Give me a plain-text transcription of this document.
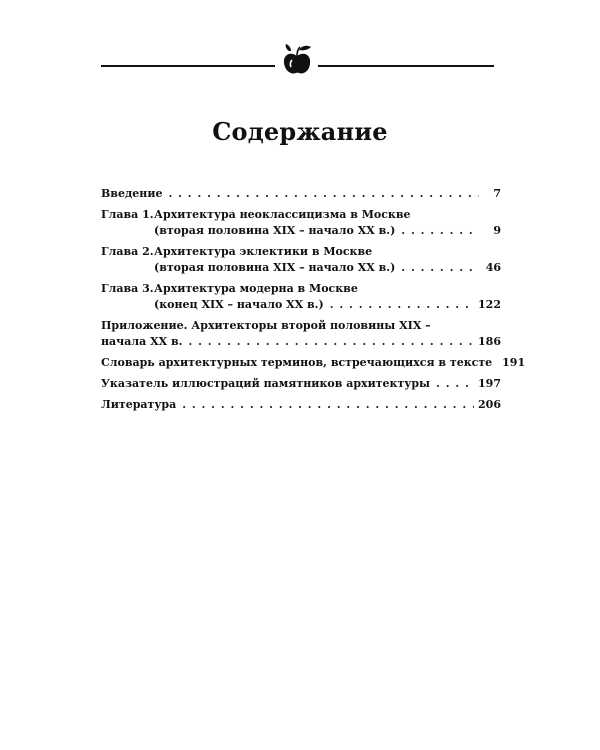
Содержание
Введение . . .	7
Глава 1. Архитектура неоклассицизма в Москве
(вторая половина XIX – начало XX в.) . . .	9
Глава 2. Архитектура эклектики в Москве
(вторая половина XIX – начало XX в.) . . .	46
Глава 3. Архитектура модерна в Москве
(конец XIX – начало XX в.) . . .	122
Приложение. Архитекторы второй половины XIX –
начала XX в. . . .	186
Словарь архитектурных терминов, встречающихся в тексте 191
Указатель иллюстраций памятников архитектуры . . .	197
Литература . . .	206
